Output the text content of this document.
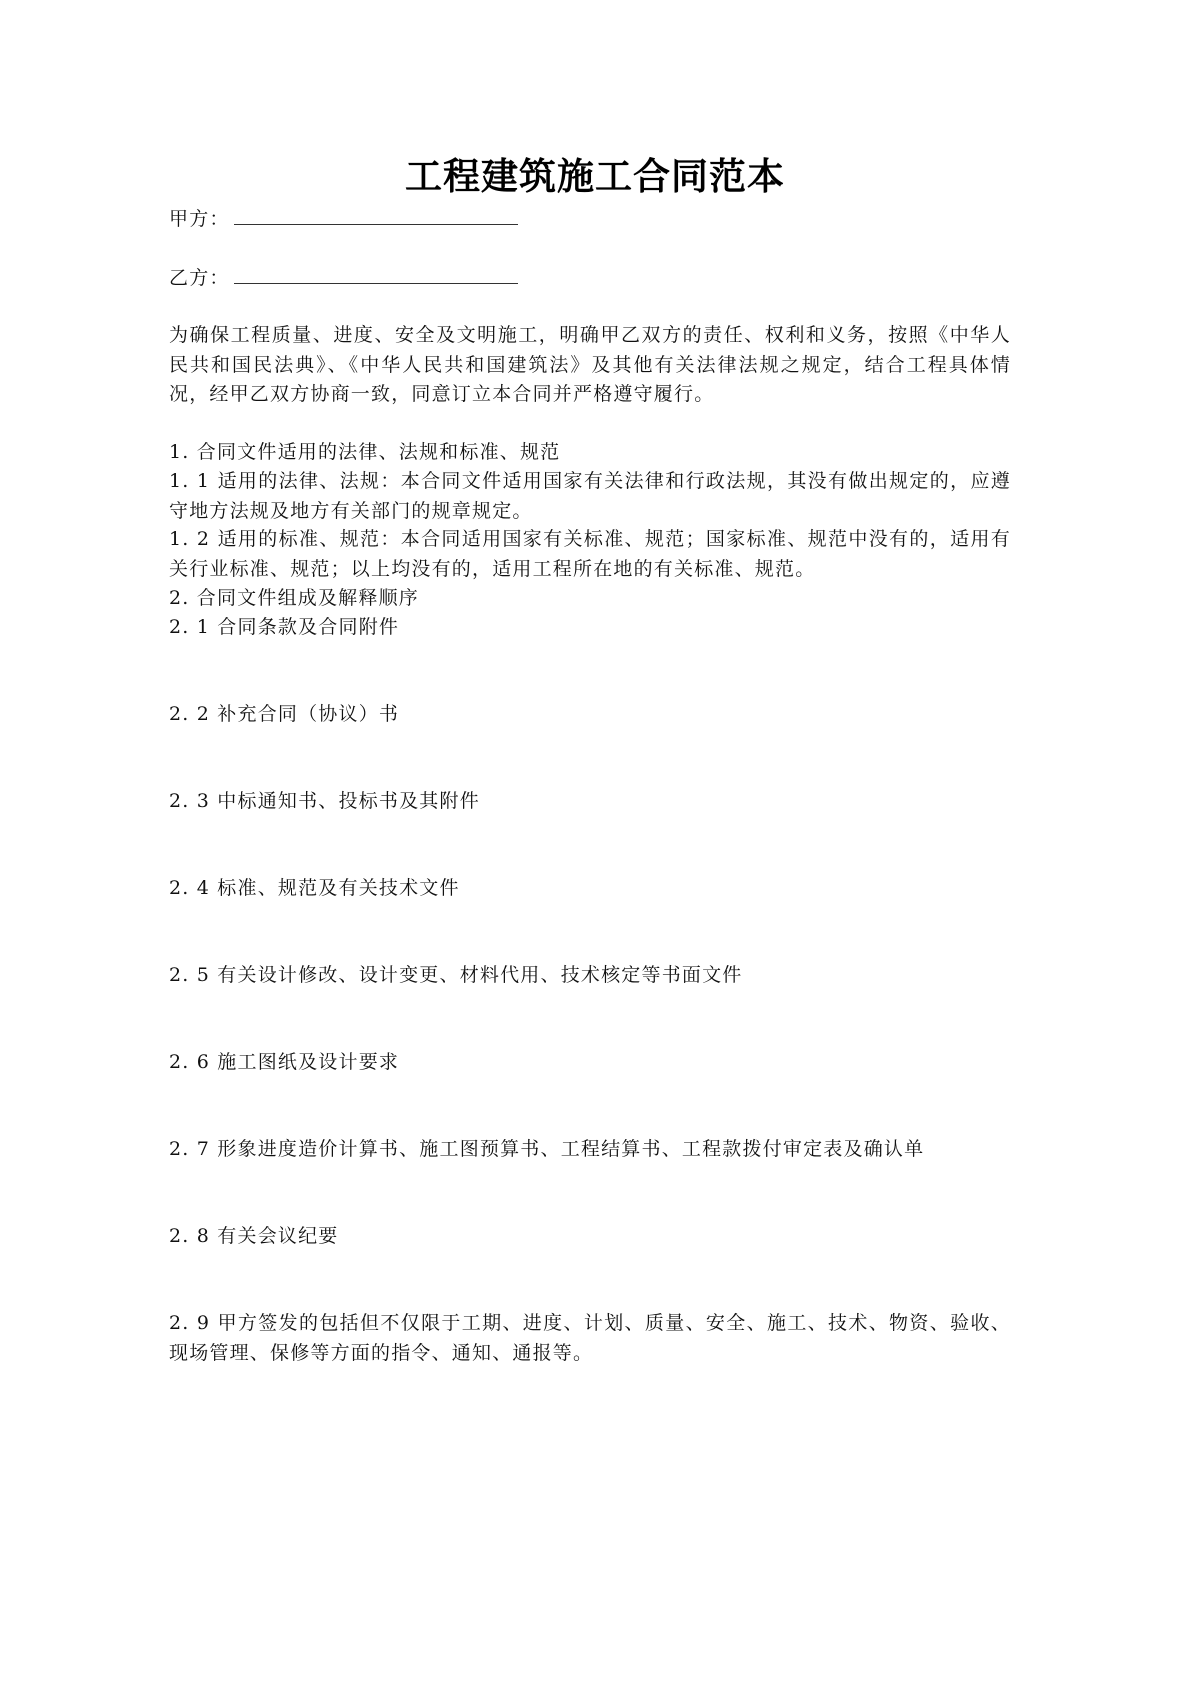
工程建筑施工合同范本
甲方：
乙方：
为确保工程质量、进度、安全及文明施工，明确甲乙双方的责任、权利和义务，按照《中华人民共和国民法典》、《中华人民共和国建筑法》及其他有关法律法规之规定，结合工程具体情况，经甲乙双方协商一致，同意订立本合同并严格遵守履行。
1. 合同文件适用的法律、法规和标准、规范
1. 1 适用的法律、法规：本合同文件适用国家有关法律和行政法规，其没有做出规定的，应遵守地方法规及地方有关部门的规章规定。
1. 2 适用的标准、规范：本合同适用国家有关标准、规范；国家标准、规范中没有的，适用有关行业标准、规范；以上均没有的，适用工程所在地的有关标准、规范。
2. 合同文件组成及解释顺序
2. 1 合同条款及合同附件
2. 2 补充合同（协议）书
2. 3 中标通知书、投标书及其附件
2. 4 标准、规范及有关技术文件
2. 5 有关设计修改、设计变更、材料代用、技术核定等书面文件
2. 6 施工图纸及设计要求
2. 7 形象进度造价计算书、施工图预算书、工程结算书、工程款拨付审定表及确认单
2. 8 有关会议纪要
2. 9 甲方签发的包括但不仅限于工期、进度、计划、质量、安全、施工、技术、物资、验收、现场管理、保修等方面的指令、通知、通报等。
